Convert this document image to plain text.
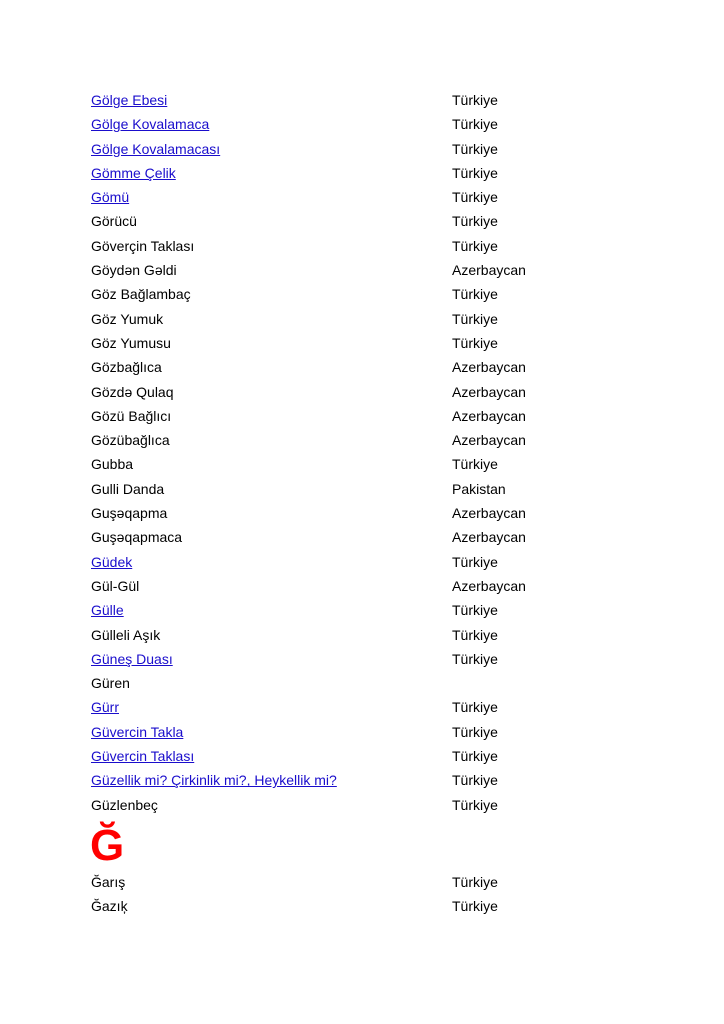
Gölge Ebesi	Türkiye
Gölge Kovalamaca	Türkiye
Gölge Kovalamacası	Türkiye
Gömme Çelik	Türkiye
Gömü	Türkiye
Görücü	Türkiye
Göverçin Taklası	Türkiye
Göydən Gəldi	Azerbaycan
Göz Bağlambaç	Türkiye
Göz Yumuk	Türkiye
Göz Yumusu	Türkiye
Gözbağlıca	Azerbaycan
Gözdə Qulaq	Azerbaycan
Gözü Bağlıcı	Azerbaycan
Gözübağlıca	Azerbaycan
Gubba	Türkiye
Gulli Danda	Pakistan
Guşəqapma	Azerbaycan
Guşəqapmaca	Azerbaycan
Güdek	Türkiye
Gül-Gül	Azerbaycan
Gülle	Türkiye
Gülleli Aşık	Türkiye
Güneş Duası	Türkiye
Güren
Gürr	Türkiye
Güvercin Takla	Türkiye
Güvercin Taklası	Türkiye
Güzellik mi? Çirkinlik mi?, Heykellik mi?	Türkiye
Güzlenbeç	Türkiye
Ğ
Ğarış	Türkiye
Ğazıķ	Türkiye
